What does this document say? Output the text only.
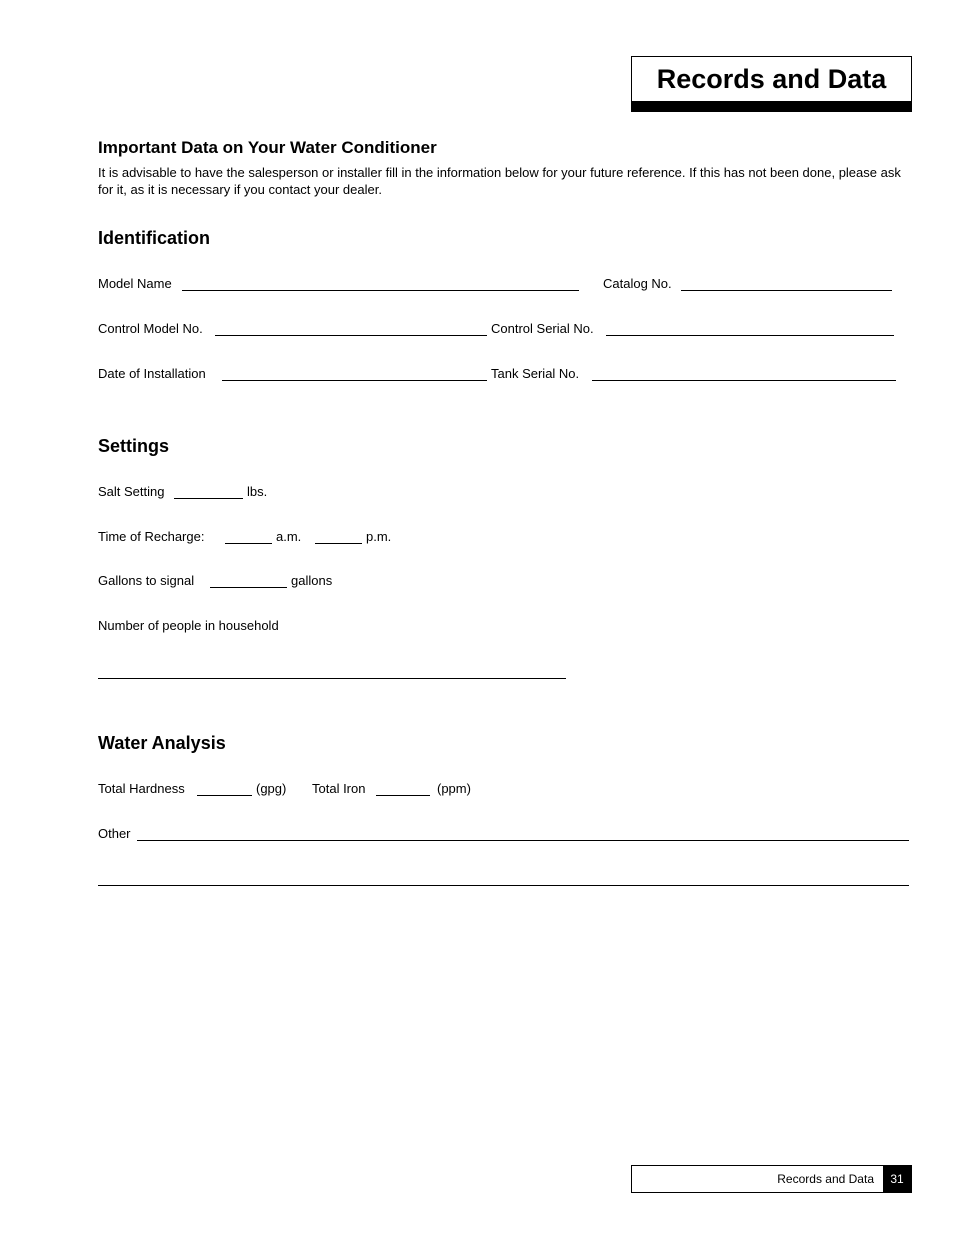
Records and Data
Important Data on Your Water Conditioner
It is advisable to have the salesperson or installer fill in the information below for your future reference. If this has not been done, please ask for it, as it is necessary if you contact your dealer.
Identification
Model Name	Catalog No.
Control Model No.	Control Serial No.
Date of Installation	Tank Serial No.
Settings
Salt Setting	lbs.
Time of Recharge:	a.m.	p.m.
Gallons to signal	gallons
Number of people in household
Water Analysis
Total Hardness	(gpg) Total Iron	(ppm)
Other
Records and Data	31
